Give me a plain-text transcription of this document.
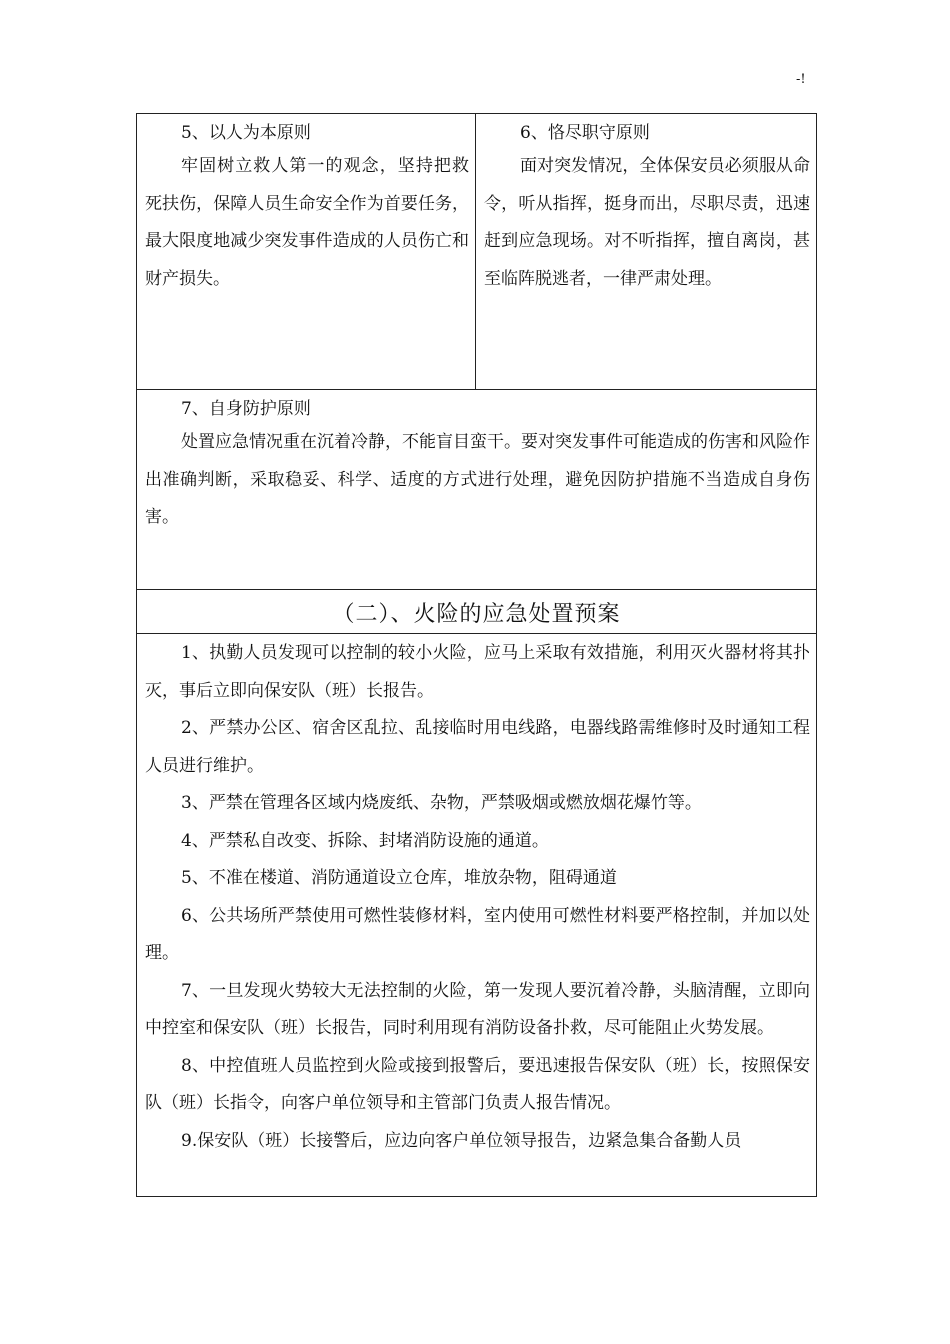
-!
5、以人为本原则

牢固树立救人第一的观念，坚持把救死扶伤，保障人员生命安全作为首要任务，最大限度地减少突发事件造成的人员伤亡和财产损失。

6、恪尽职守原则

面对突发情况，全体保安员必须服从命令，听从指挥，挺身而出，尽职尽责，迅速赶到应急现场。对不听指挥，擅自离岗，甚至临阵脱逃者，一律严肃处理。

7、自身防护原则

处置应急情况重在沉着冷静，不能盲目蛮干。要对突发事件可能造成的伤害和风险作出准确判断，采取稳妥、科学、适度的方式进行处理，避免因防护措施不当造成自身伤害。

（二）、火险的应急处置预案

1、执勤人员发现可以控制的较小火险，应马上采取有效措施，利用灭火器材将其扑灭，事后立即向保安队（班）长报告。

2、严禁办公区、宿舍区乱拉、乱接临时用电线路，电器线路需维修时及时通知工程人员进行维护。

3、严禁在管理各区域内烧废纸、杂物，严禁吸烟或燃放烟花爆竹等。

4、严禁私自改变、拆除、封堵消防设施的通道。

5、不准在楼道、消防通道设立仓库，堆放杂物，阻碍通道

6、公共场所严禁使用可燃性装修材料，室内使用可燃性材料要严格控制，并加以处理。

7、一旦发现火势较大无法控制的火险，第一发现人要沉着冷静，头脑清醒，立即向中控室和保安队（班）长报告，同时利用现有消防设备扑救，尽可能阻止火势发展。

8、中控值班人员监控到火险或接到报警后，要迅速报告保安队（班）长，按照保安队（班）长指令，向客户单位领导和主管部门负责人报告情况。

9.保安队（班）长接警后，应边向客户单位领导报告，边紧急集合备勤人员
